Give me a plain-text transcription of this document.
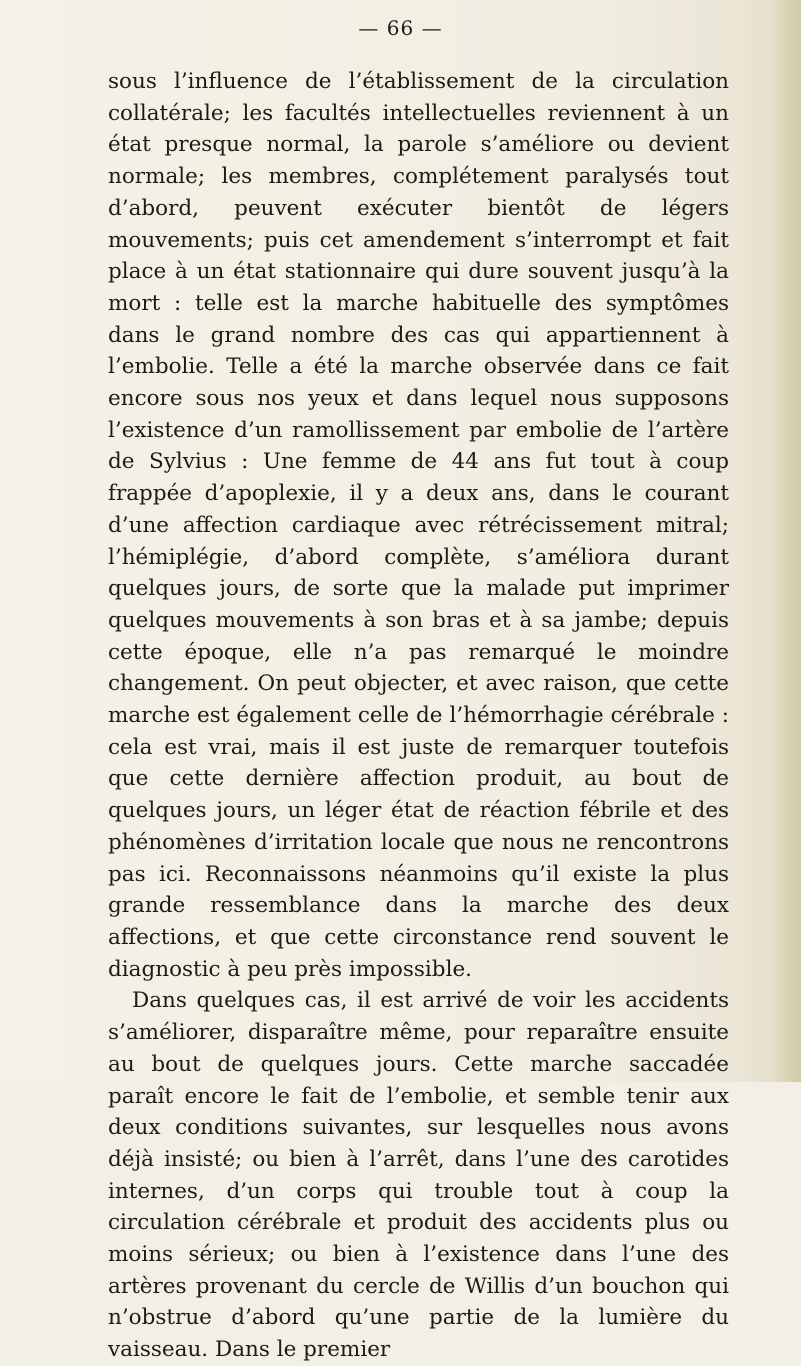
— 66 —

sous l’influence de l’établissement de la circulation collatérale; les facultés intellectuelles reviennent à un état presque normal, la parole s’améliore ou devient normale; les membres, complétement paralysés tout d’abord, peuvent exécuter bientôt de légers mouvements; puis cet amendement s’interrompt et fait place à un état stationnaire qui dure souvent jusqu’à la mort : telle est la marche habituelle des symptômes dans le grand nombre des cas qui appartiennent à l’embolie. Telle a été la marche observée dans ce fait encore sous nos yeux et dans lequel nous supposons l’existence d’un ramollissement par embolie de l’artère de Sylvius : Une femme de 44 ans fut tout à coup frappée d’apoplexie, il y a deux ans, dans le courant d’une affection cardiaque avec rétrécissement mitral; l’hémiplégie, d’abord complète, s’améliora durant quelques jours, de sorte que la malade put imprimer quelques mouvements à son bras et à sa jambe; depuis cette époque, elle n’a pas remarqué le moindre changement. On peut objecter, et avec raison, que cette marche est également celle de l’hémorrhagie cérébrale : cela est vrai, mais il est juste de remarquer toutefois que cette dernière affection produit, au bout de quelques jours, un léger état de réaction fébrile et des phénomènes d’irritation locale que nous ne rencontrons pas ici. Reconnaissons néanmoins qu’il existe la plus grande ressemblance dans la marche des deux affections, et que cette circonstance rend souvent le diagnostic à peu près impossible.

Dans quelques cas, il est arrivé de voir les accidents s’améliorer, disparaître même, pour reparaître ensuite au bout de quelques jours. Cette marche saccadée paraît encore le fait de l’embolie, et semble tenir aux deux conditions suivantes, sur lesquelles nous avons déjà insisté; ou bien à l’arrêt, dans l’une des carotides internes, d’un corps qui trouble tout à coup la circulation cérébrale et produit des accidents plus ou moins sérieux; ou bien à l’existence dans l’une des artères provenant du cercle de Willis d’un bouchon qui n’obstrue d’abord qu’une partie de la lumière du vaisseau. Dans le premier
